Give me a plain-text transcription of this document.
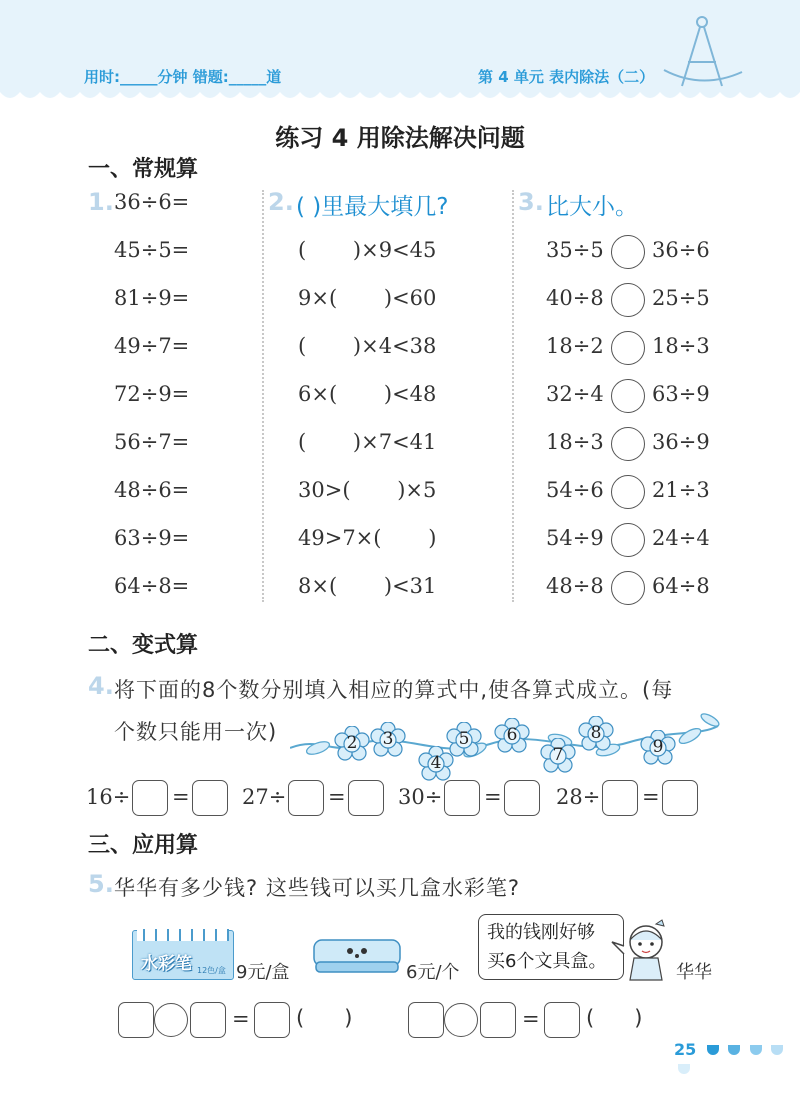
用时:_____分钟 错题:_____道	第 4 单元 表内除法（二）
练习 4 用除法解决问题
一、常规算
1. 36÷6=
45÷5=
81÷9=
49÷7=
72÷9=
56÷7=
48÷6=
63÷9=
64÷8=
2. ( )里最大填几?
(       )×9<45
9×(       )<60
(       )×4<38
6×(       )<48
(       )×7<41
30>(       )×5
49>7×(       )
8×(       )<31
3. 比大小。
35÷5 36÷6
40÷8 25÷5
18÷2 18÷3
32÷4 63÷9
18÷3 36÷9
54÷6 21÷3
54÷9 24÷4
48÷8 64÷8
二、变式算
4. 将下面的8个数分别填入相应的算式中,使各算式成立。(每
个数只能用一次)	2	3
4
5	6
7
8
9
16÷ = 27÷ = 30÷ =	28÷ =
三、应用算
5. 华华有多少钱? 这些钱可以买几盒水彩笔?
水彩笔 12色/盒 9元/盒	6元/个
我的钱刚好够
买6个文具盒。
华华
= (      )	= (      )
25
